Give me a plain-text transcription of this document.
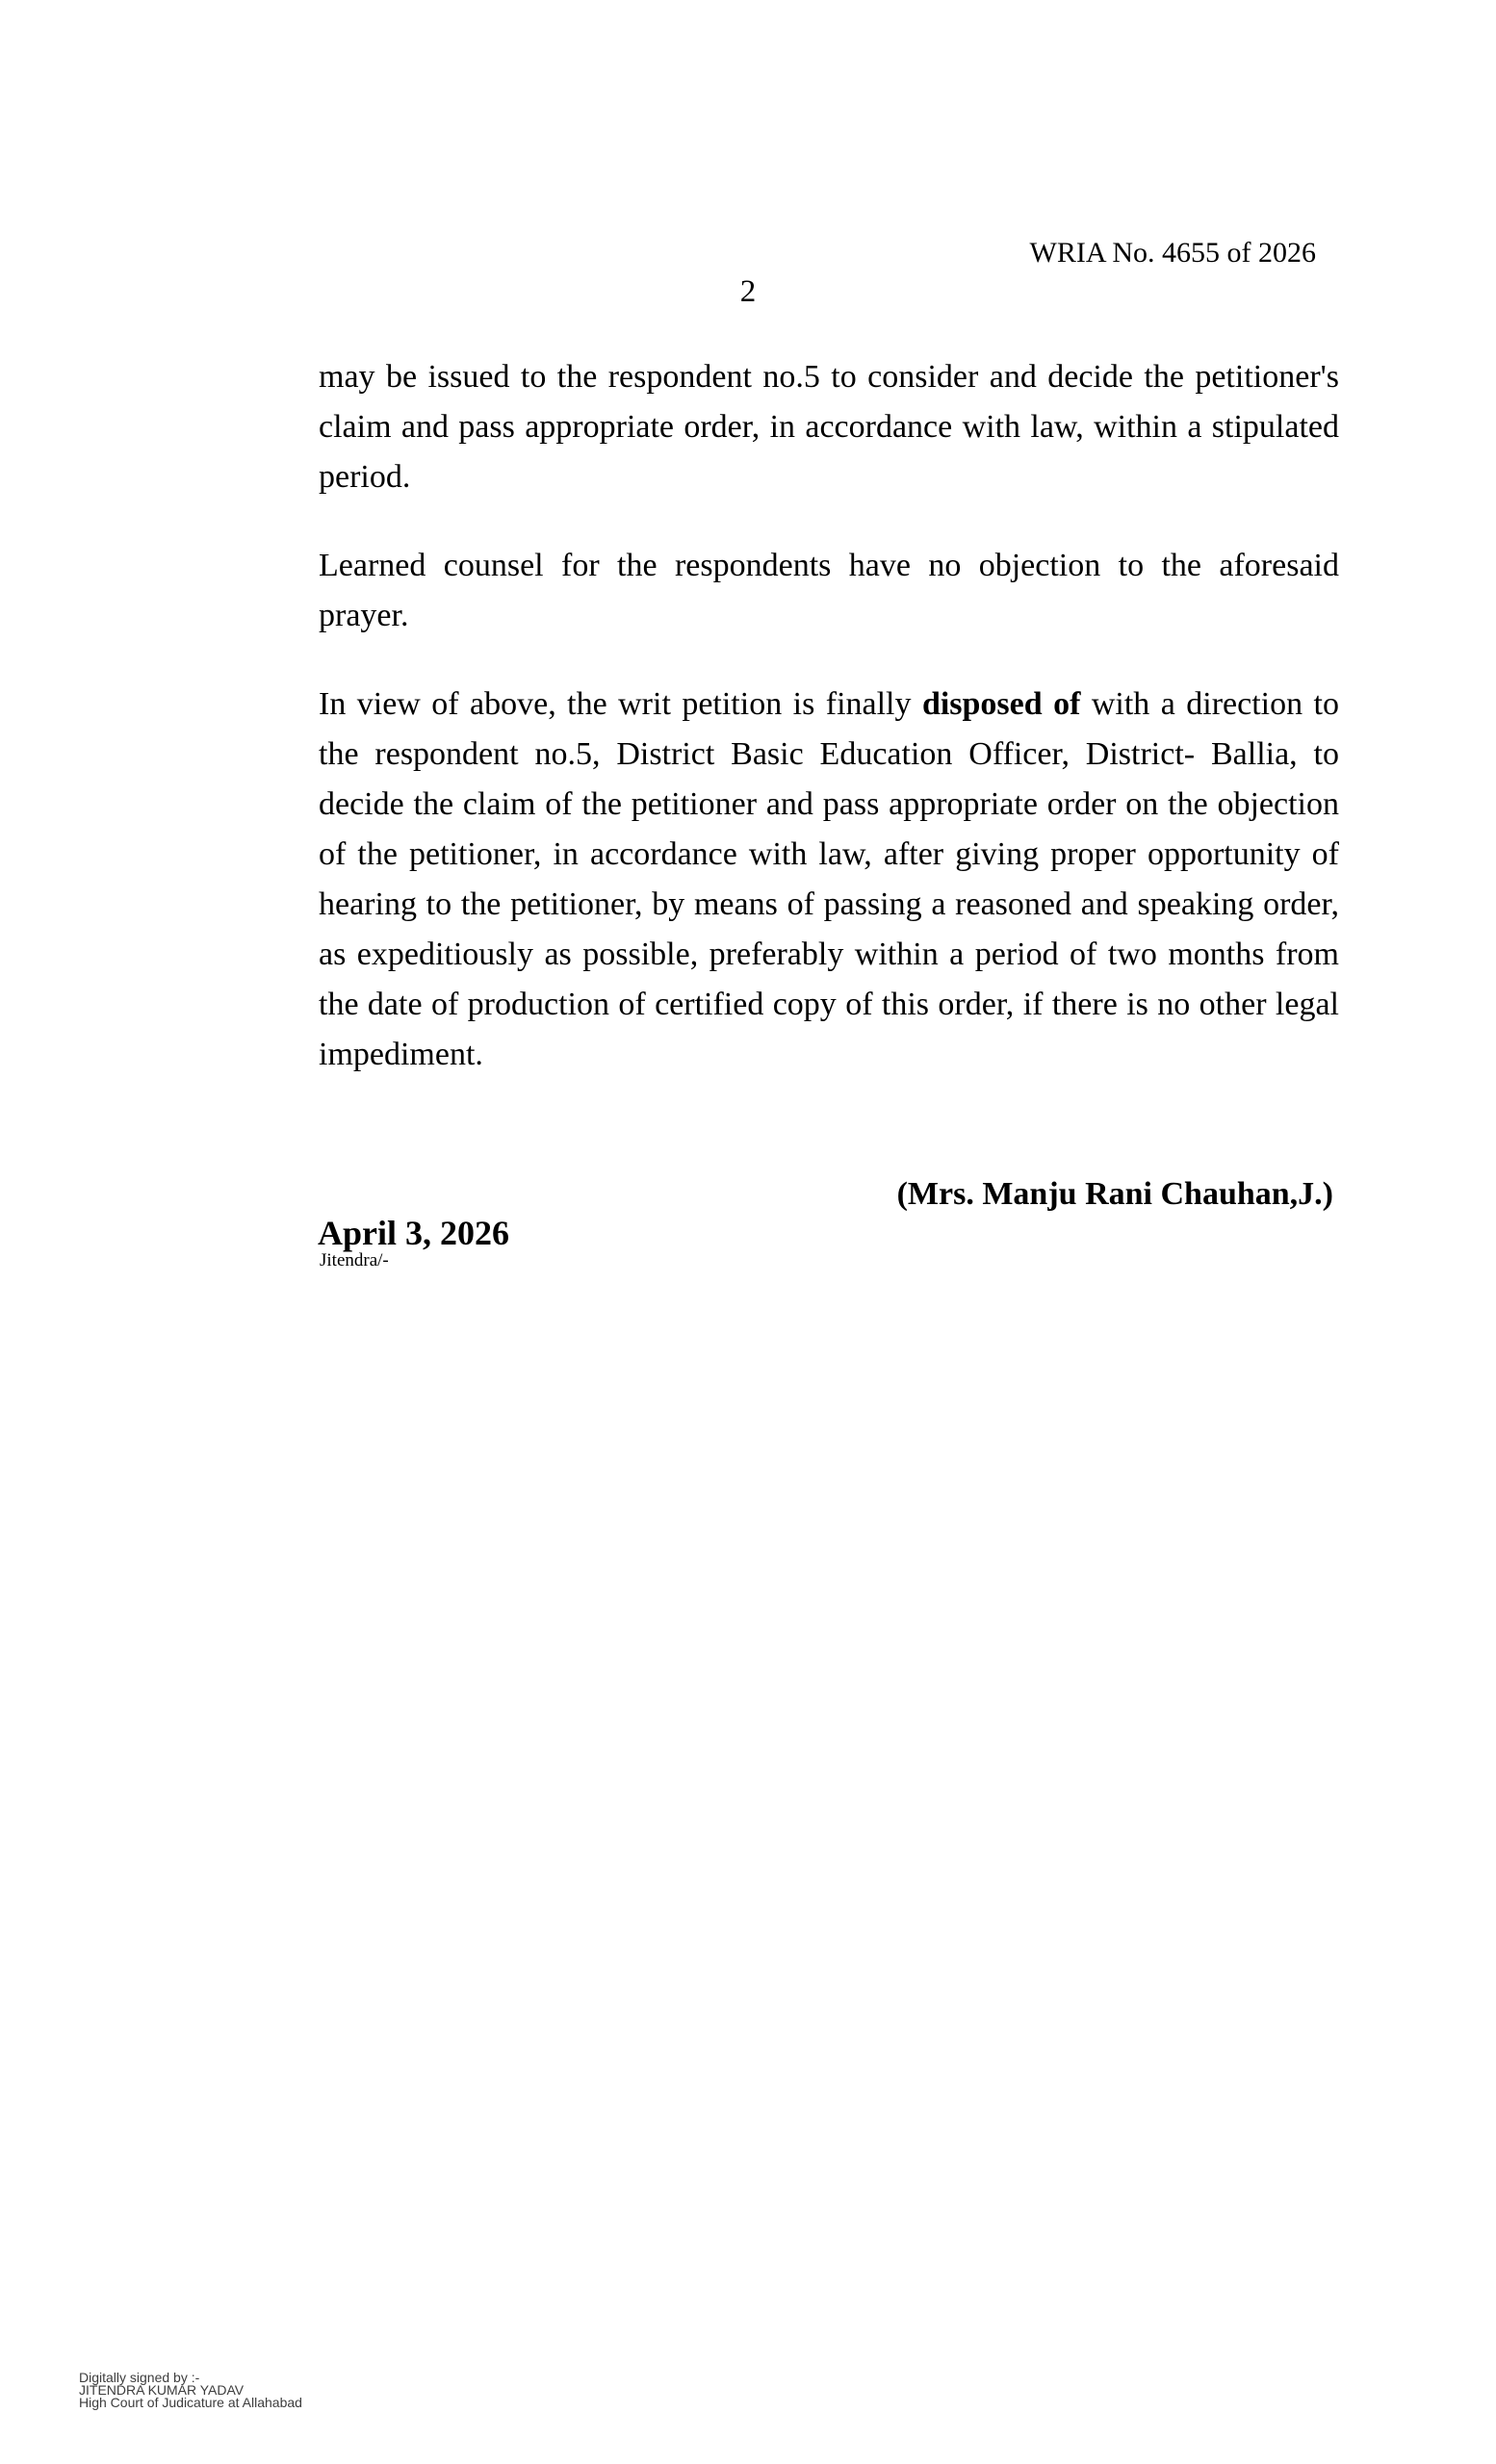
WRIA No. 4655 of 2026
2

may be issued to the respondent no.5 to consider and decide the petitioner's claim and pass appropriate order, in accordance with law, within a stipulated period.

Learned counsel for the respondents have no objection to the aforesaid prayer.

In view of above, the writ petition is finally disposed of with a direction to the respondent no.5, District Basic Education Officer, District- Ballia, to decide the claim of the petitioner and pass appropriate order on the objection of the petitioner, in accordance with law, after giving proper opportunity of hearing to the petitioner, by means of passing a reasoned and speaking order, as expeditiously as possible, preferably within a period of two months from the date of production of certified copy of this order, if there is no other legal impediment.

(Mrs. Manju Rani Chauhan,J.)
April 3, 2026
Jitendra/-
Digitally signed by :-
JITENDRA KUMAR YADAV
High Court of Judicature at Allahabad
